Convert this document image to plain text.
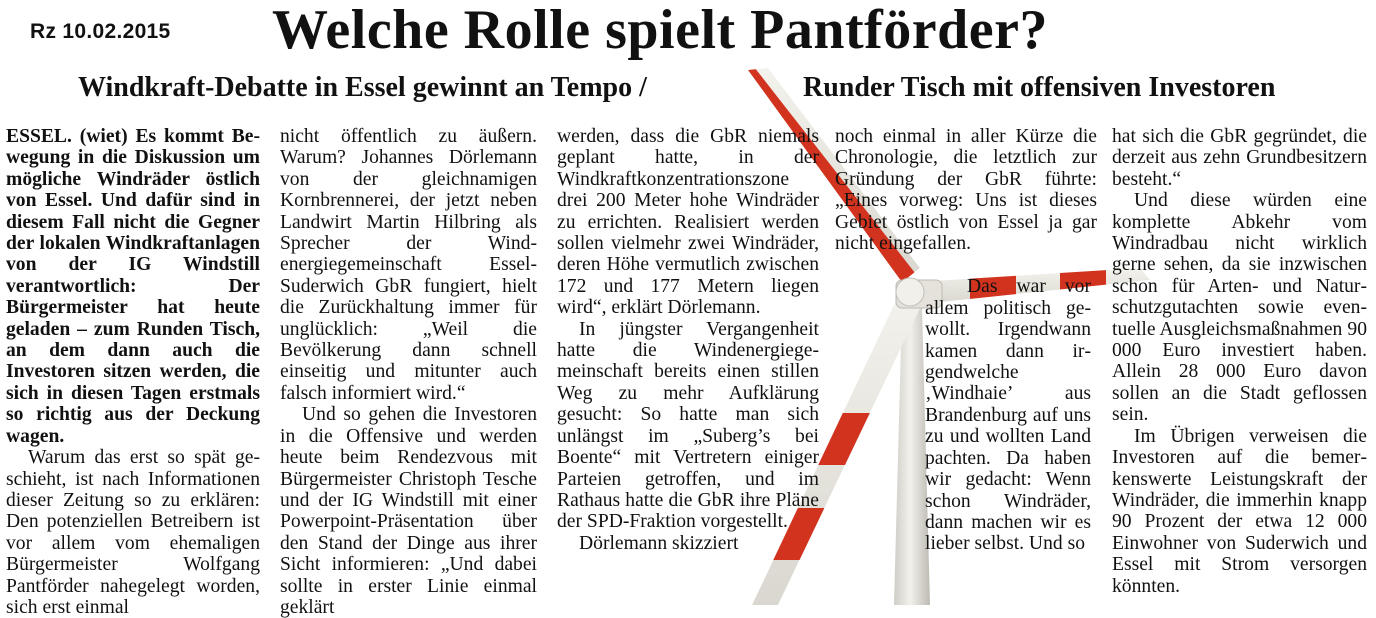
Rz 10.02.2015 Welche Rolle spielt Pantförder?
Windkraft-Debatte in Essel gewinnt an Tempo /	Runder Tisch mit offensiven Investoren

ESSEL. (wiet) Es kommt Bewegung in die Diskussion um mögliche Windräder östlich von Essel. Und dafür sind in diesem Fall nicht die Gegner der lokalen Windkraftanlagen von der IG Windstill verantwortlich: Der Bürgermeister hat heute geladen – zum Runden Tisch, an dem dann auch die Investoren sitzen werden, die sich in diesen Tagen erstmals so richtig aus der Deckung wagen.

Warum das erst so spät geschieht, ist nach Informationen dieser Zeitung so zu erklären: Den potenziellen Betreibern ist vor allem vom ehemaligen Bürgermeister Wolfgang Pantförder nahegelegt worden, sich erst einmal

nicht öffentlich zu äußern. Warum? Johannes Dörlemann von der gleichnamigen Kornbrennerei, der jetzt neben Landwirt Martin Hilbring als Sprecher der Windenergiegemeinschaft Essel-Suderwich GbR fungiert, hielt die Zurückhaltung immer für unglücklich: „Weil die Bevölkerung dann schnell einseitig und mitunter auch falsch informiert wird.“

Und so gehen die Investoren in die Offensive und werden heute beim Rendezvous mit Bürgermeister Christoph Tesche und der IG Windstill mit einer Powerpoint-Präsentation über den Stand der Dinge aus ihrer Sicht informieren: „Und dabei sollte in erster Linie einmal geklärt

werden, dass die GbR niemals geplant hatte, in der Windkraftkonzentrationszone drei 200 Meter hohe Windräder zu errichten. Realisiert werden sollen vielmehr zwei Windräder, deren Höhe vermutlich zwischen 172 und 177 Metern liegen wird“, erklärt Dörlemann.

In jüngster Vergangenheit hatte die Windenergiegemeinschaft bereits einen stillen Weg zu mehr Aufklärung gesucht: So hatte man sich unlängst im „Suberg’s bei Boente“ mit Vertretern einiger Parteien getroffen, und im Rathaus hatte die GbR ihre Pläne der SPD-Fraktion vorgestellt.

Dörlemann skizziert

noch einmal in aller Kürze die Chronologie, die letztlich zur Gründung der GbR führte: „Eines vorweg: Uns ist dieses Gebiet östlich von Essel ja gar nicht eingefallen.

Das war vor allem politisch gewollt. Irgendwann kamen dann irgendwelche ‚Windhaie’ aus Brandenburg auf uns zu und wollten Land pachten. Da haben wir gedacht: Wenn schon Windräder, dann machen wir es lieber selbst. Und so

hat sich die GbR gegründet, die derzeit aus zehn Grundbesitzern besteht.“

Und diese würden eine komplette Abkehr vom Windradbau nicht wirklich gerne sehen, da sie inzwischen schon für Arten- und Naturschutzgutachten sowie eventuelle Ausgleichsmaßnahmen 90 000 Euro investiert haben. Allein 28 000 Euro davon sollen an die Stadt geflossen sein.

Im Übrigen verweisen die Investoren auf die bemerkenswerte Leistungskraft der Windräder, die immerhin knapp 90 Prozent der etwa 12 000 Einwohner von Suderwich und Essel mit Strom versorgen könnten.
